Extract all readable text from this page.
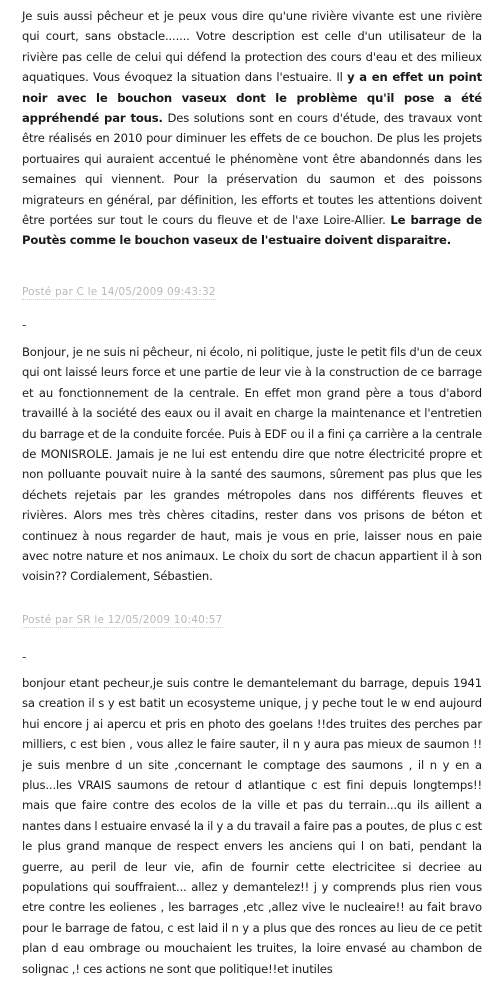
Je suis aussi pêcheur et je peux vous dire qu'une rivière vivante est une rivière qui court, sans obstacle....... Votre description est celle d'un utilisateur de la rivière pas celle de celui qui défend la protection des cours d'eau et des milieux aquatiques. Vous évoquez la situation dans l'estuaire. Il y a en effet un point noir avec le bouchon vaseux dont le problème qu'il pose a été appréhendé par tous. Des solutions sont en cours d'étude, des travaux vont être réalisés en 2010 pour diminuer les effets de ce bouchon. De plus les projets portuaires qui auraient accentué le phénomène vont être abandonnés dans les semaines qui viennent. Pour la préservation du saumon et des poissons migrateurs en général, par définition, les efforts et toutes les attentions doivent être portées sur tout le cours du fleuve et de l'axe Loire-Allier. Le barrage de Poutès comme le bouchon vaseux de l'estuaire doivent disparaitre.

Posté par C le 14/05/2009 09:43:32
-

Bonjour, je ne suis ni pêcheur, ni écolo, ni politique, juste le petit fils d'un de ceux qui ont laissé leurs force et une partie de leur vie à la construction de ce barrage et au fonctionnement de la centrale. En effet mon grand père a tous d'abord travaillé à la société des eaux ou il avait en charge la maintenance et l'entretien du barrage et de la conduite forcée. Puis à EDF ou il a fini ça carrière a la centrale de MONISROLE. Jamais je ne lui est entendu dire que notre électricité propre et non polluante pouvait nuire à la santé des saumons, sûrement pas plus que les déchets rejetais par les grandes métropoles dans nos différents fleuves et rivières. Alors mes très chères citadins, rester dans vos prisons de béton et continuez à nous regarder de haut, mais je vous en prie, laisser nous en paie avec notre nature et nos animaux. Le choix du sort de chacun appartient il à son voisin?? Cordialement, Sébastien.

Posté par SR le 12/05/2009 10:40:57
-

bonjour etant pecheur,je suis contre le demantelemant du barrage, depuis 1941 sa creation il s y est batit un ecosysteme unique, j y peche tout le w end aujourd hui encore j ai apercu et pris en photo des goelans !!des truites des perches par milliers, c est bien , vous allez le faire sauter, il n y aura pas mieux de saumon !! je suis menbre d un site ,concernant le comptage des saumons , il n y en a plus...les VRAIS saumons de retour d atlantique c est fini depuis longtemps!! mais que faire contre des ecolos de la ville et pas du terrain...qu ils aillent a nantes dans l estuaire envasé la il y a du travail a faire pas a poutes, de plus c est le plus grand manque de respect envers les anciens qui l on bati, pendant la guerre, au peril de leur vie, afin de fournir cette electricitee si decriee au populations qui souffraient... allez y demantelez!! j y comprends plus rien vous etre contre les eolienes , les barrages ,etc ,allez vive le nucleaire!! au fait bravo pour le barrage de fatou, c est laid il n y a plus que des ronces au lieu de ce petit plan d eau ombrage ou mouchaient les truites, la loire envasé au chambon de solignac ,! ces actions ne sont que politique!!et inutiles
